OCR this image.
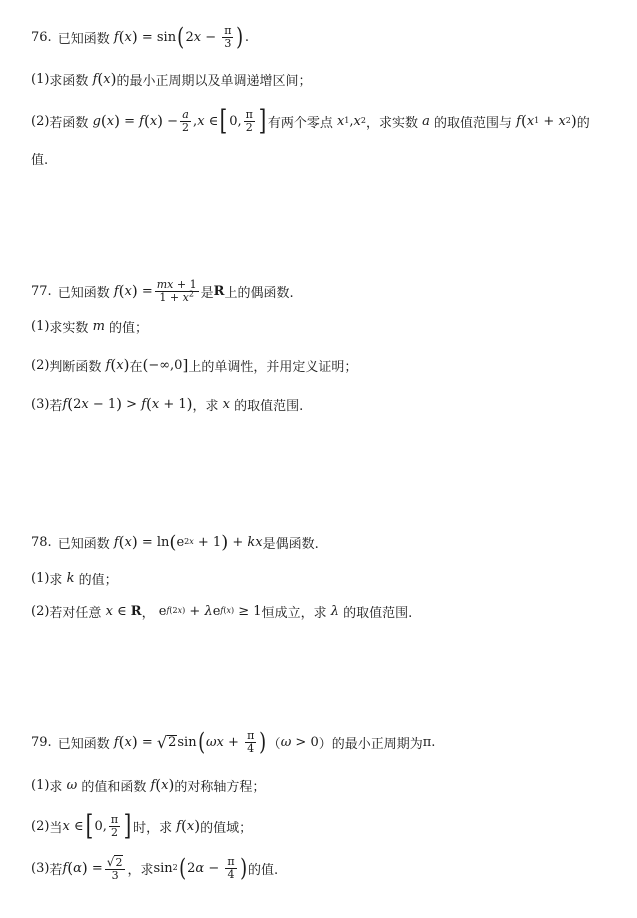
76. 已知函数 f ( x ) = sin ( 2 $x - \frac{\pi}{3}$ ) .
(1) 求函数 f ( x ) 的最小正周期以及单调递增区间；
(2) 若函数 g ( x ) = f ( x ) − $\frac{a}{2}$ , x ∈ [ 0, $\frac{\pi}{2}$ ] 有两个零点 x 1 , x 2 ，求实数 a 的取值范围与 f ( x 1 + x 2 ) 的
值.
77. 已知函数 f ( x ) = $\frac{mx + 1}{1 + x^2}$ 是 R 上的偶函数.
(1) 求实数 m 的值；
(2) 判断函数 f ( x ) 在 ( −∞,0 ] 上的单调性，并用定义证明；
(3) 若 f ( 2 x − 1 ) > f ( x + 1 ) ，求 x 的取值范围.
78. 已知函数 f ( x ) = ln ( e 2x + 1 ) + kx 是偶函数.
(1) 求 k 的值；
(2) 若对任意 x ∈ R ， e f(2x) + λ e f(x) ≥ 1 恒成立，求 λ 的取值范围.
79. 已知函数 f ( x ) = √ 2 sin ( $\omega x + \frac{\pi}{4}$ ) （ ω > 0 ）的最小正周期为 π .
(1) 求 ω 的值和函数 f ( x ) 的对称轴方程；
(2) 当 x ∈ [ 0, $\frac{\pi}{2}$ ] 时，求 f ( x ) 的值域；
(3) 若 f ( α ) = $\frac{√ 2}{3}$ ，求 sin 2 ( 2 $\alpha - \frac{\pi}{4}$ ) 的值.
